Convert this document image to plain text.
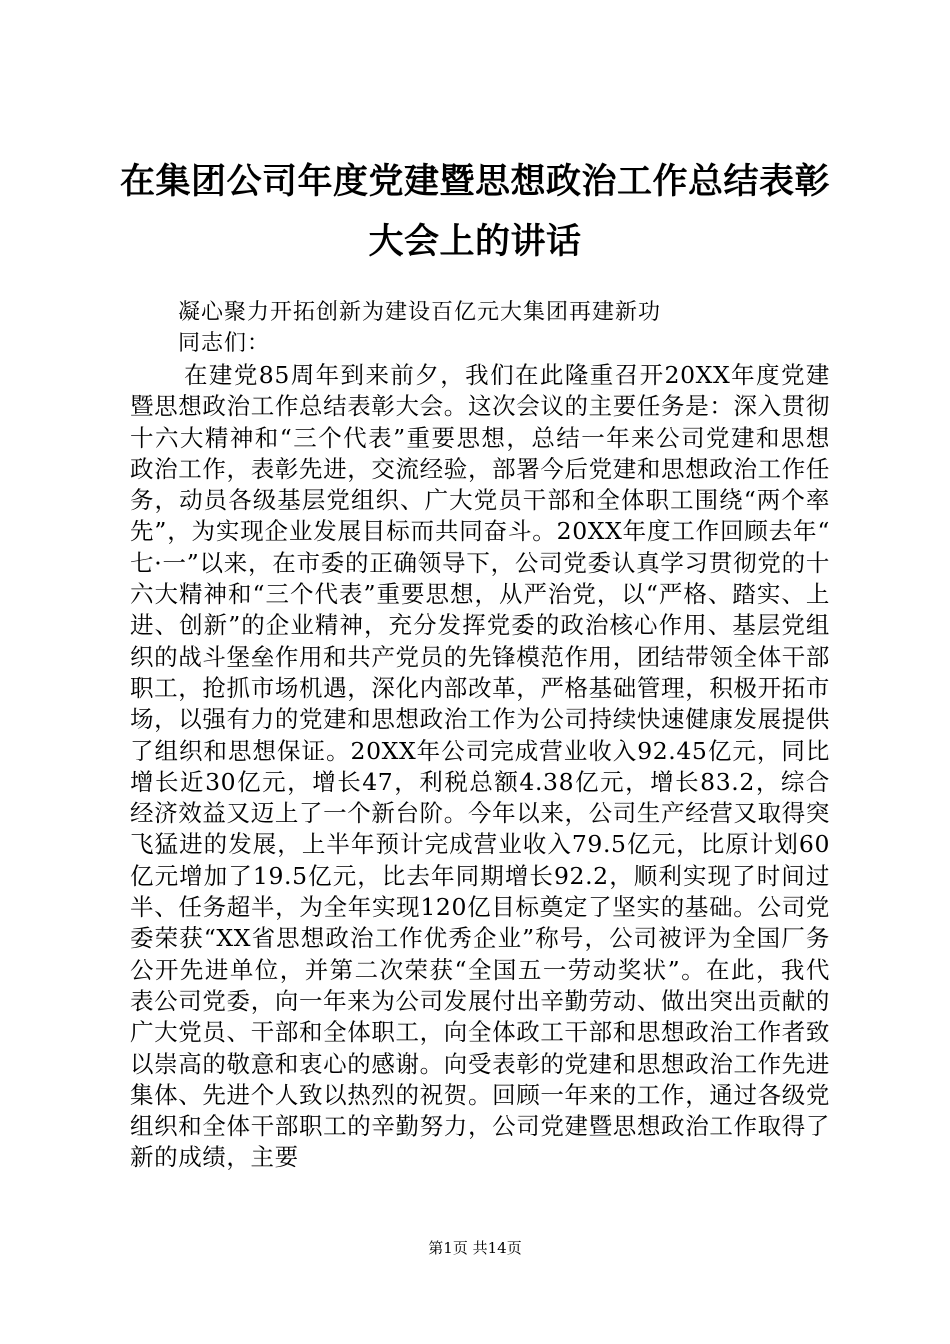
在集团公司年度党建暨思想政治工作总结表彰
大会上的讲话
凝心聚力开拓创新为建设百亿元大集团再建新功
同志们：

在建党85周年到来前夕，我们在此隆重召开20XX年度党建暨思想政治工作总结表彰大会。这次会议的主要任务是：深入贯彻十六大精神和“三个代表”重要思想，总结一年来公司党建和思想政治工作，表彰先进，交流经验，部署今后党建和思想政治工作任务，动员各级基层党组织、广大党员干部和全体职工围绕“两个率先”，为实现企业发展目标而共同奋斗。20XX年度工作回顾去年“七·一”以来，在市委的正确领导下，公司党委认真学习贯彻党的十六大精神和“三个代表”重要思想，从严治党，以“严格、踏实、上进、创新”的企业精神，充分发挥党委的政治核心作用、基层党组织的战斗堡垒作用和共产党员的先锋模范作用，团结带领全体干部职工，抢抓市场机遇，深化内部改革，严格基础管理，积极开拓市场，以强有力的党建和思想政治工作为公司持续快速健康发展提供了组织和思想保证。20XX年公司完成营业收入92.45亿元，同比增长近30亿元，增长47，利税总额4.38亿元，增长83.2，综合经济效益又迈上了一个新台阶。今年以来，公司生产经营又取得突飞猛进的发展，上半年预计完成营业收入79.5亿元，比原计划60亿元增加了19.5亿元，比去年同期增长92.2，顺利实现了时间过半、任务超半，为全年实现120亿目标奠定了坚实的基础。公司党委荣获“XX省思想政治工作优秀企业”称号，公司被评为全国厂务公开先进单位，并第二次荣获“全国五一劳动奖状”。在此，我代表公司党委，向一年来为公司发展付出辛勤劳动、做出突出贡献的广大党员、干部和全体职工，向全体政工干部和思想政治工作者致以崇高的敬意和衷心的感谢。向受表彰的党建和思想政治工作先进集体、先进个人致以热烈的祝贺。回顾一年来的工作，通过各级党组织和全体干部职工的辛勤努力，公司党建暨思想政治工作取得了新的成绩，主要

第1页 共14页
